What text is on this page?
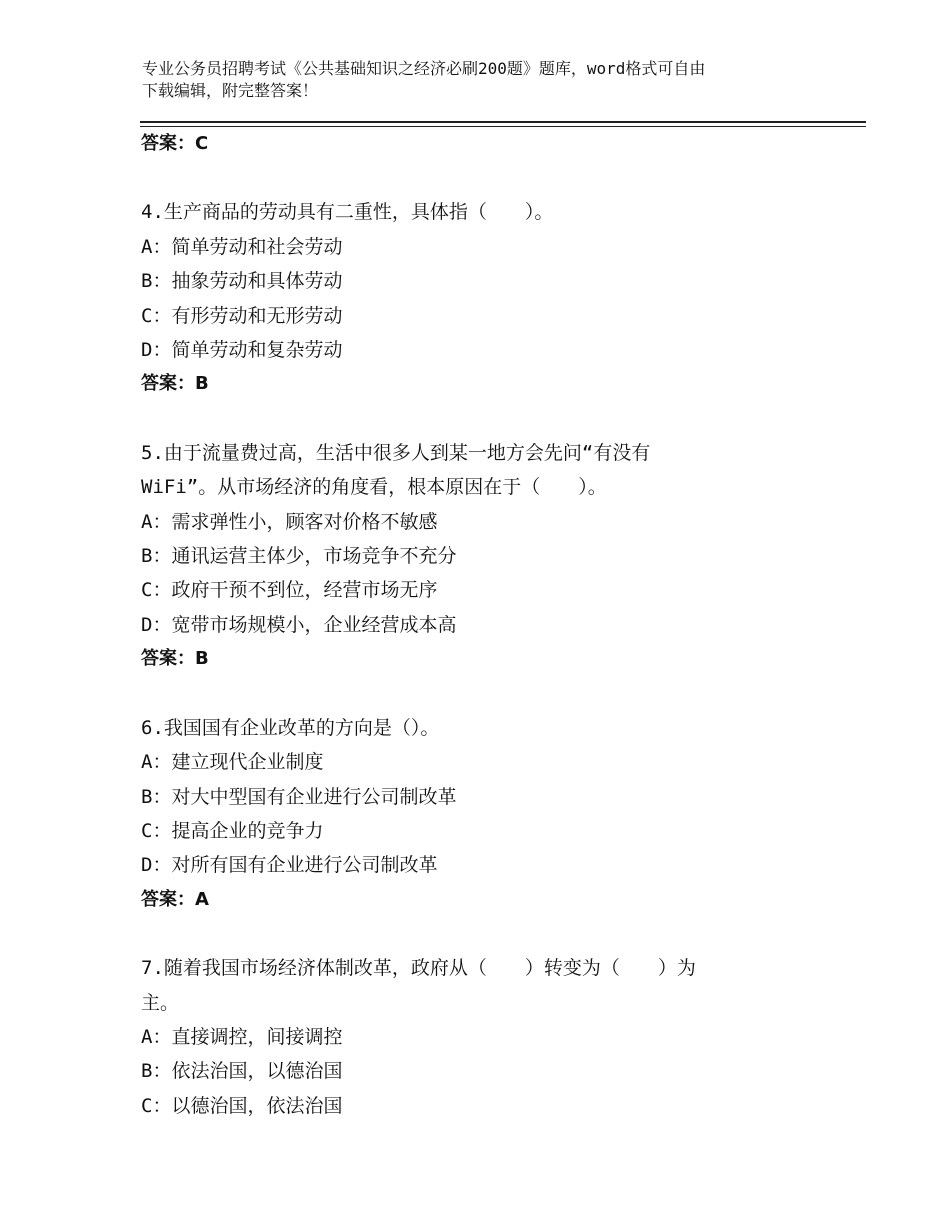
专业公务员招聘考试《公共基础知识之经济必刷200题》题库，word格式可自由
下载编辑，附完整答案！
答案：C
4.生产商品的劳动具有二重性，具体指（　　）。
A：简单劳动和社会劳动
B：抽象劳动和具体劳动
C：有形劳动和无形劳动
D：简单劳动和复杂劳动
答案：B
5.由于流量费过高，生活中很多人到某一地方会先问“有没有
WiFi”。从市场经济的角度看，根本原因在于（　　）。
A：需求弹性小，顾客对价格不敏感
B：通讯运营主体少，市场竞争不充分
C：政府干预不到位，经营市场无序
D：宽带市场规模小，企业经营成本高
答案：B
6.我国国有企业改革的方向是（）。
A：建立现代企业制度
B：对大中型国有企业进行公司制改革
C：提高企业的竞争力
D：对所有国有企业进行公司制改革
答案：A
7.随着我国市场经济体制改革，政府从（　　）转变为（　　）为
主。
A：直接调控，间接调控
B：依法治国，以德治国
C：以德治国，依法治国
